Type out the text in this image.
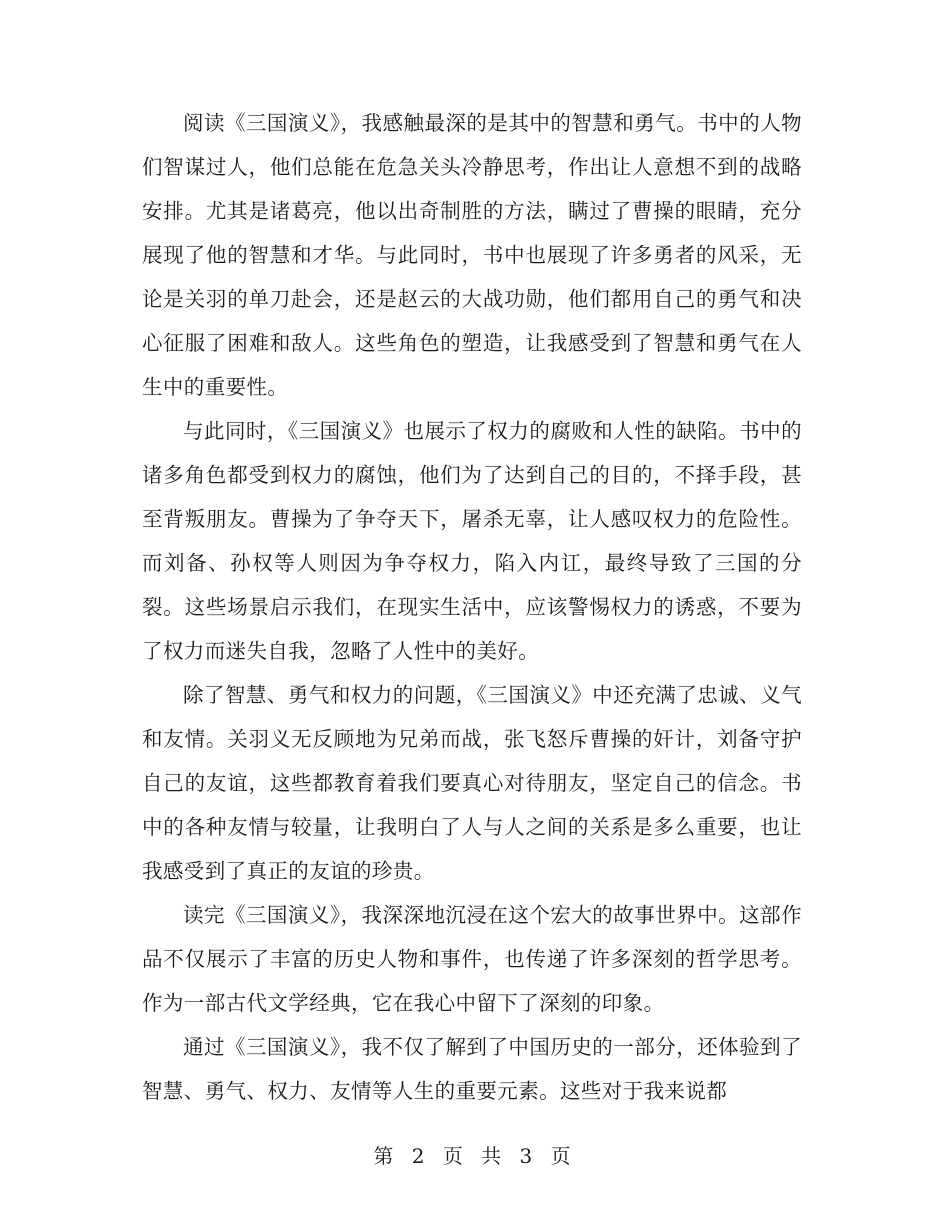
阅读《三国演义》，我感触最深的是其中的智慧和勇气。书中的人物们智谋过人，他们总能在危急关头冷静思考，作出让人意想不到的战略安排。尤其是诸葛亮，他以出奇制胜的方法，瞒过了曹操的眼睛，充分展现了他的智慧和才华。与此同时，书中也展现了许多勇者的风采，无论是关羽的单刀赴会，还是赵云的大战功勋，他们都用自己的勇气和决心征服了困难和敌人。这些角色的塑造，让我感受到了智慧和勇气在人生中的重要性。

与此同时，《三国演义》也展示了权力的腐败和人性的缺陷。书中的诸多角色都受到权力的腐蚀，他们为了达到自己的目的，不择手段，甚至背叛朋友。曹操为了争夺天下，屠杀无辜，让人感叹权力的危险性。而刘备、孙权等人则因为争夺权力，陷入内讧，最终导致了三国的分裂。这些场景启示我们，在现实生活中，应该警惕权力的诱惑，不要为了权力而迷失自我，忽略了人性中的美好。

除了智慧、勇气和权力的问题，《三国演义》中还充满了忠诚、义气和友情。关羽义无反顾地为兄弟而战，张飞怒斥曹操的奸计，刘备守护自己的友谊，这些都教育着我们要真心对待朋友，坚定自己的信念。书中的各种友情与较量，让我明白了人与人之间的关系是多么重要，也让我感受到了真正的友谊的珍贵。

读完《三国演义》，我深深地沉浸在这个宏大的故事世界中。这部作品不仅展示了丰富的历史人物和事件，也传递了许多深刻的哲学思考。作为一部古代文学经典，它在我心中留下了深刻的印象。

通过《三国演义》，我不仅了解到了中国历史的一部分，还体验到了智慧、勇气、权力、友情等人生的重要元素。这些对于我来说都

第 2 页 共 3 页
